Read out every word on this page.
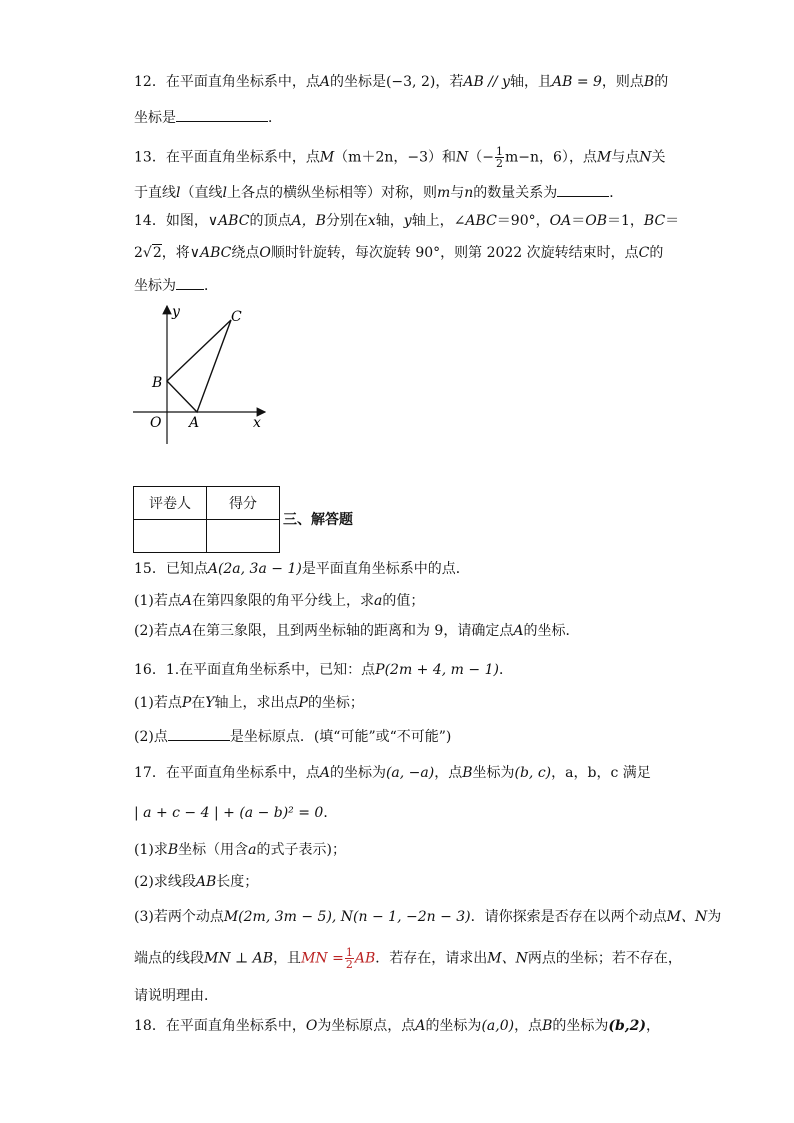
12．在平面直角坐标系中，点A的坐标是(−3, 2)，若AB // y轴，且AB = 9，则点B的
坐标是	．
13．在平面直角坐标系中，点M（m＋2n，−3）和$N(- \frac{1}{2} m-n$，6），点M与点N关
于直线l（直线l上各点的横纵坐标相等）对称，则m与n的数量关系为	．
14．如图，∨ABC的顶点A，B分别在x轴，y轴上，∠ABC＝90°，OA＝OB＝1，BC＝
2√2，将∨ABC绕点O顺时针旋转，每次旋转 90°，则第 2022 次旋转结束时，点C的
坐标为 ．
y
x
O A
B
C
评卷人	得分

三、解答题
15．已知点A(2a, 3a − 1)是平面直角坐标系中的点．
(1)若点A在第四象限的角平分线上，求a的值；
(2)若点A在第三象限，且到两坐标轴的距离和为 9，请确定点A的坐标．
16．1.在平面直角坐标系中，已知：点P(2m + 4, m − 1)．
(1)若点P在Y轴上，求出点P的坐标；
(2)点	是坐标原点．(填“可能”或“不可能”)
17．在平面直角坐标系中，点A的坐标为(a, −a)，点B坐标为(b, c)，a，b，c 满足
| a + c − 4 | + (a − b)² = 0．
(1)求B坐标（用含a的式子表示)；
(2)求线段AB长度；
(3)若两个动点M(2m, 3m − 5), N(n − 1, −2n − 3)．请你探索是否存在以两个动点M、N为
端点的线段MN ⊥ AB，且MN = $\frac{1}{2}$ AB．若存在，请求出M、N两点的坐标；若不存在，
请说明理由．
18．在平面直角坐标系中，O为坐标原点，点A的坐标为(a,0)，点B的坐标为(b,2)，
